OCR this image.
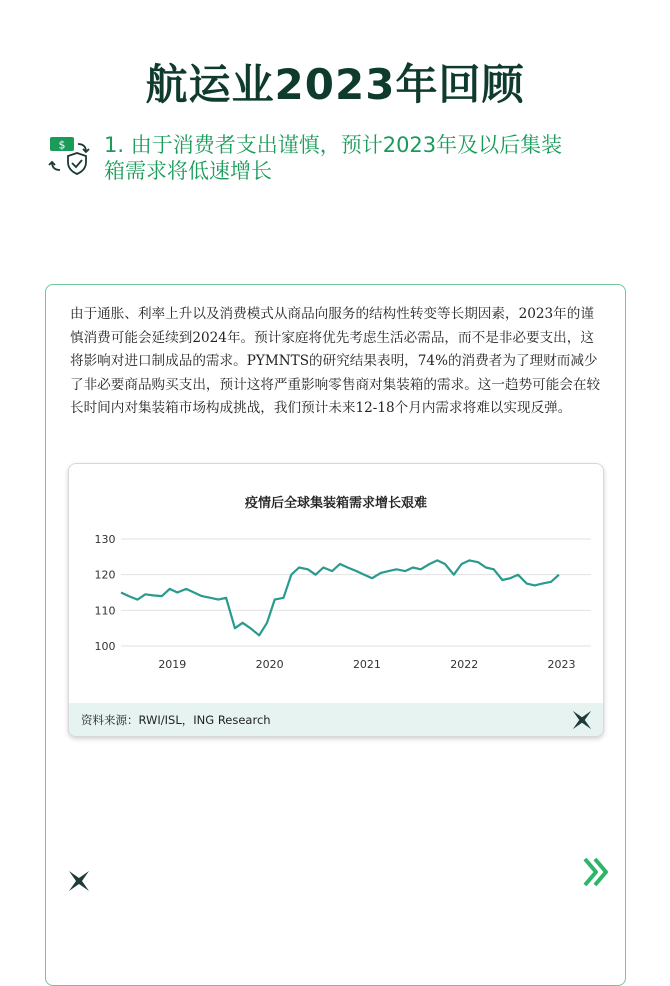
航运业2023年回顾
$ 1. 由于消费者支出谨慎，预计2023年及以后集装箱需求将低速增长
由于通胀、利率上升以及消费模式从商品向服务的结构性转变等长期因素，2023年的谨慎消费可能会延续到2024年。预计家庭将优先考虑生活必需品，而不是非必要支出，这将影响对进口制成品的需求。PYMNTS的研究结果表明，74%的消费者为了理财而减少了非必要商品购买支出，预计这将严重影响零售商对集装箱的需求。这一趋势可能会在较长时间内对集装箱市场构成挑战，我们预计未来12-18个月内需求将难以实现反弹。
疫情后全球集装箱需求增长艰难
100
110
120
130
2019	2020	2021	2022	2023
资料来源：RWI/ISL，ING Research
